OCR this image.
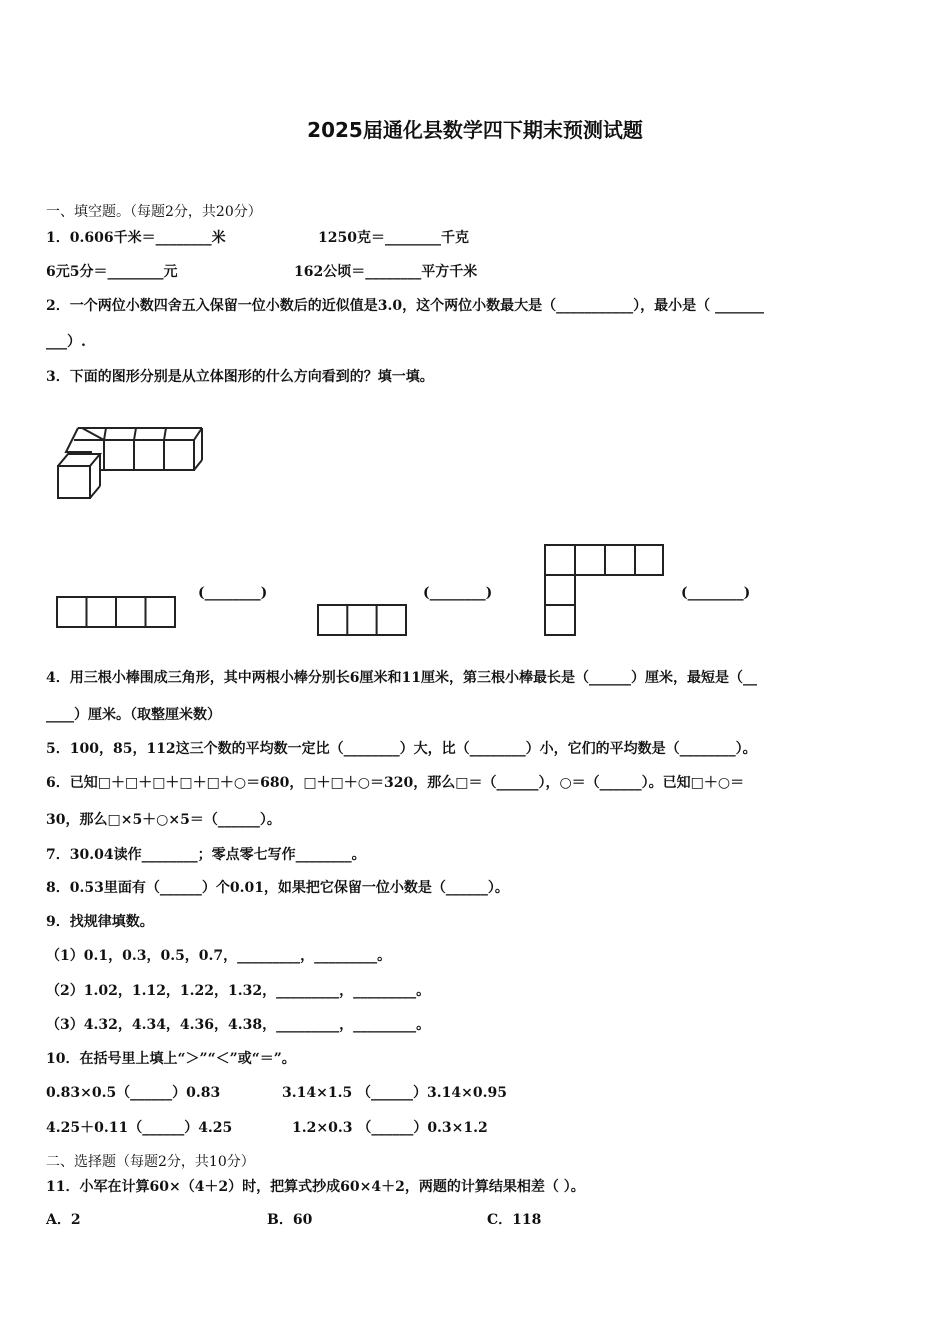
2025届通化县数学四下期末预测试题
一、填空题。（每题2分，共20分）
1．0.606千米＝________米	1250克＝________千克
6元5分＝________元	162公顷＝________平方千米
2．一个两位小数四舍五入保留一位小数后的近似值是3.0，这个两位小数最大是（___________），最小是（ _______
___）.
3．下面的图形分别是从立体图形的什么方向看到的？填一填。
(________)	(________)	(________)
4．用三根小棒围成三角形，其中两根小棒分别长6厘米和11厘米，第三根小棒最长是（______）厘米，最短是（__
____）厘米。（取整厘米数）
5．100，85，112这三个数的平均数一定比（________）大，比（________）小，它们的平均数是（________）。
6．已知□＋□＋□＋□＋□＋○＝680，□＋□＋○＝320，那么□＝（______），○＝（______）。已知□＋○＝
30，那么□×5＋○×5＝（______）。
7．30.04读作________；零点零七写作________。
8．0.53里面有（______）个0.01，如果把它保留一位小数是（______）。
9．找规律填数。
（1）0.1，0.3，0.5，0.7，_________，_________。
（2）1.02，1.12，1.22，1.32，_________，_________。
（3）4.32，4.34，4.36，4.38，_________，_________。
10．在括号里上填上“＞”“＜”或“＝”。
0.83×0.5（______）0.83	3.14×1.5 （______）3.14×0.95
4.25＋0.11（______）4.25	1.2×0.3 （______）0.3×1.2
二、选择题（每题2分，共10分）
11．小军在计算60×（4＋2）时，把算式抄成60×4＋2，两题的计算结果相差（ ）。
A．2	B．60	C．118
